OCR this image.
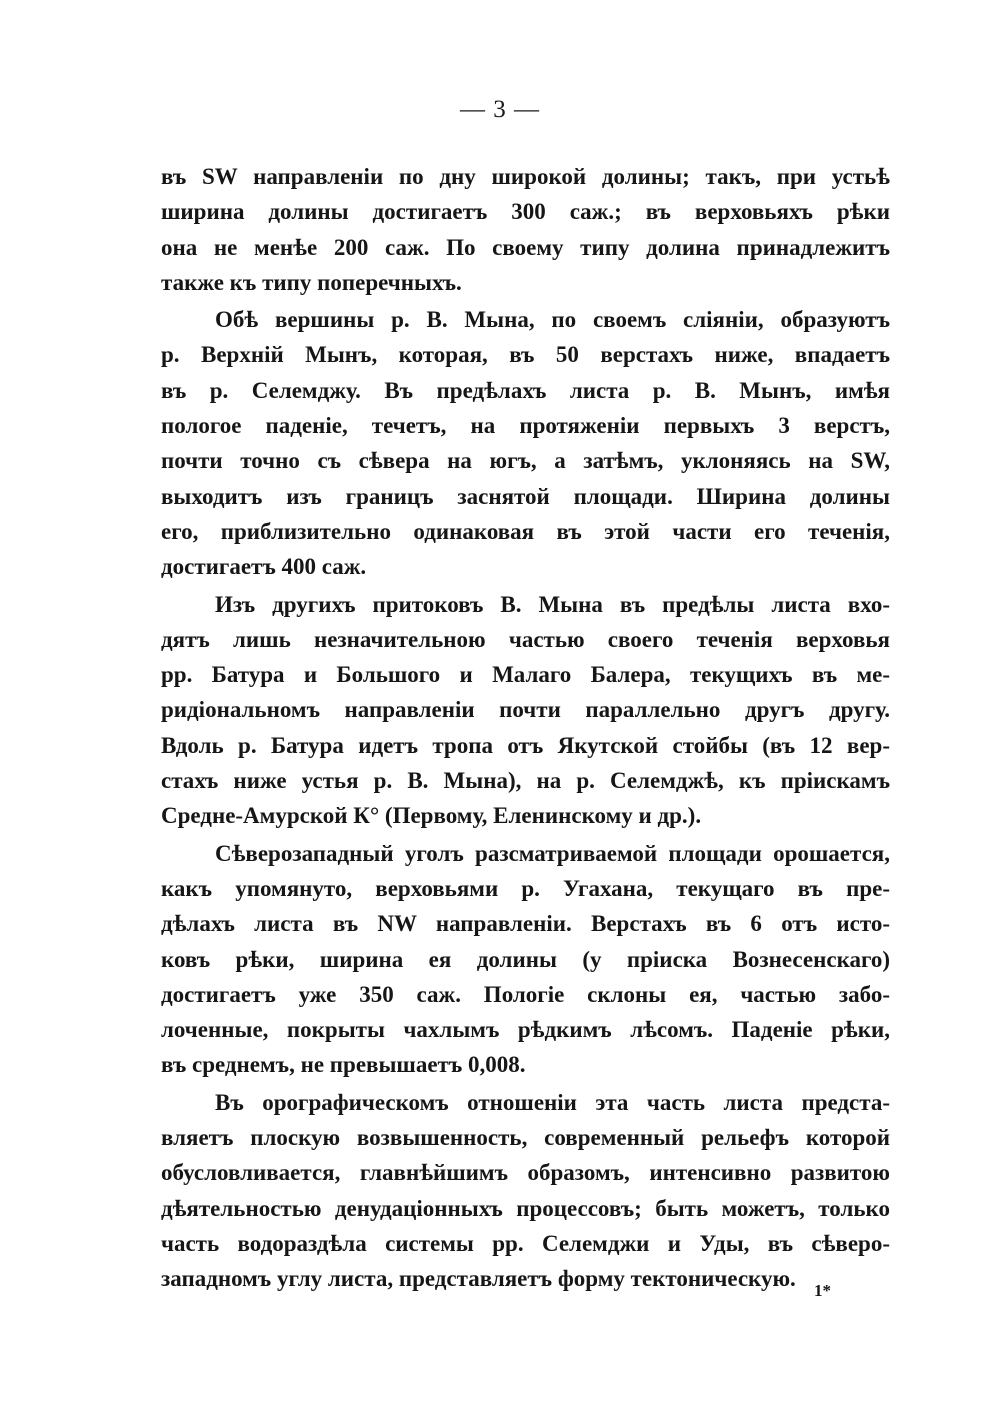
— 3 —
въ SW направленіи по дну широкой долины; такъ, при устьѣ
ширина долины достигаетъ 300 саж.; въ верховьяхъ рѣки
она не менѣе 200 саж. По своему типу долина принадлежитъ
также къ типу поперечныхъ.
Обѣ вершины р. В. Мына, по своемъ сліяніи, образуютъ
р. Верхній Мынъ, которая, въ 50 верстахъ ниже, впадаетъ
въ р. Селемджу. Въ предѣлахъ листа р. В. Мынъ, имѣя
пологое паденіе, течетъ, на протяженіи первыхъ 3 верстъ,
почти точно съ сѣвера на югъ, а затѣмъ, уклоняясь на SW,
выходитъ изъ границъ заснятой площади. Ширина долины
его, приблизительно одинаковая въ этой части его теченія,
достигаетъ 400 саж.
Изъ другихъ притоковъ В. Мына въ предѣлы листа вхо-
дятъ лишь незначительною частью своего теченія верховья
рр. Батура и Большого и Малаго Балера, текущихъ въ ме-
ридіональномъ направленіи почти параллельно другъ другу.
Вдоль р. Батура идетъ тропа отъ Якутской стойбы (въ 12 вер-
стахъ ниже устья р. В. Мына), на р. Селемджѣ, къ пріискамъ
Средне-Амурской К° (Первому, Еленинскому и др.).
Сѣверозападный уголъ разсматриваемой площади орошается,
какъ упомянуто, верховьями р. Угахана, текущаго въ пре-
дѣлахъ листа въ NW направленіи. Верстахъ въ 6 отъ исто-
ковъ рѣки, ширина ея долины (у пріиска Вознесенскаго)
достигаетъ уже 350 саж. Пологіе склоны ея, частью забо-
лоченные, покрыты чахлымъ рѣдкимъ лѣсомъ. Паденіе рѣки,
въ среднемъ, не превышаетъ 0,008.
Въ орографическомъ отношеніи эта часть листа предста-
вляетъ плоскую возвышенность, современный рельефъ которой
обусловливается, главнѣйшимъ образомъ, интенсивно развитою
дѣятельностью денудаціонныхъ процессовъ; быть можетъ, только
часть водораздѣла системы рр. Селемджи и Уды, въ сѣверо-
западномъ углу листа, представляетъ форму тектоническую.	1*
